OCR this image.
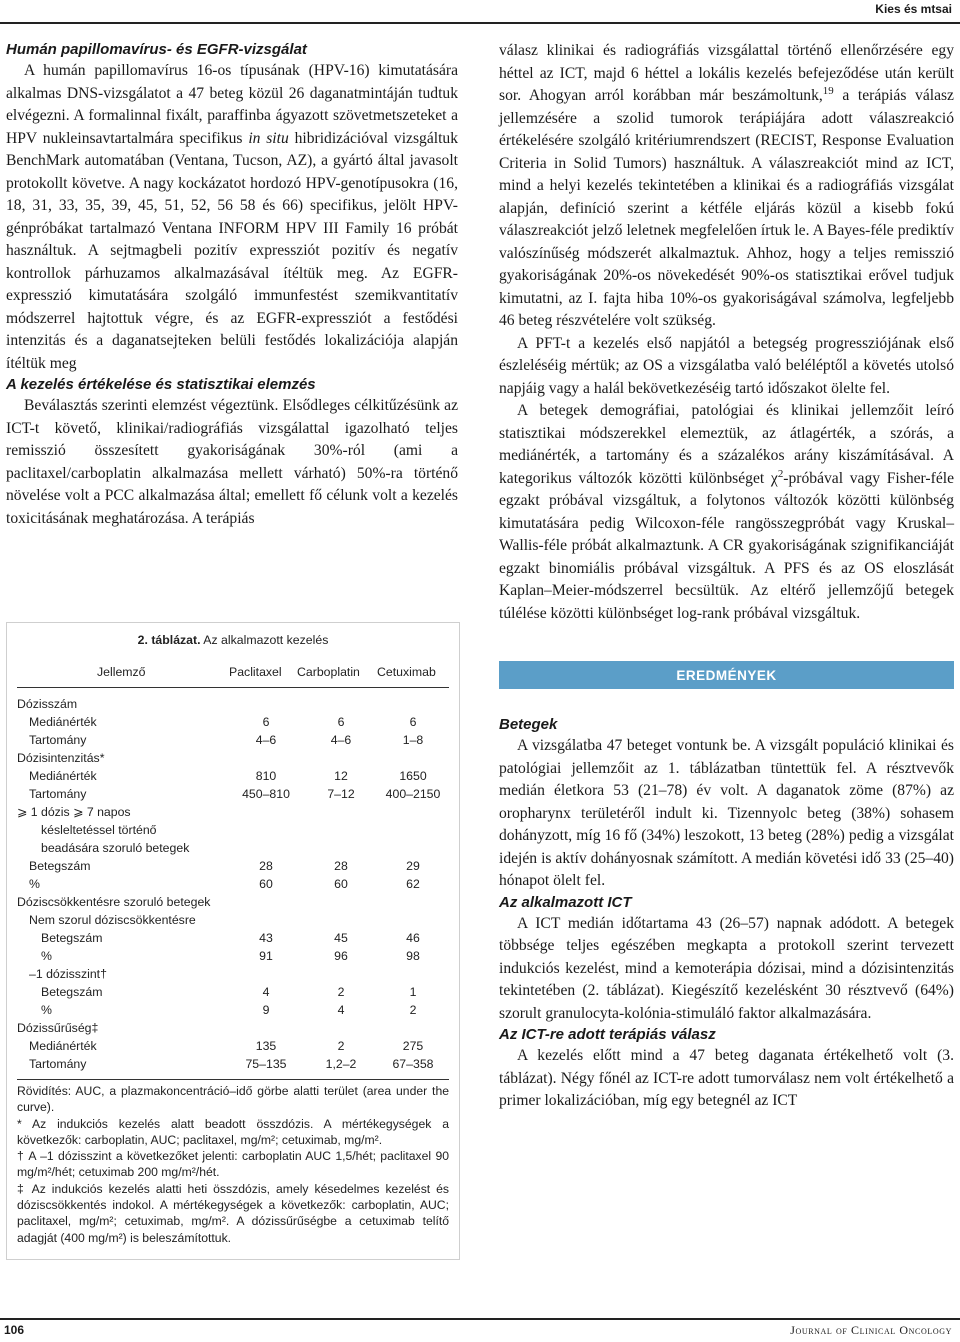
Kies és mtsai
Humán papillomavírus- és EGFR-vizsgálat

A humán papillomavírus 16-os típusának (HPV-16) kimutatására alkalmas DNS-vizsgálatot a 47 beteg közül 26 daganatmintáján tudtuk elvégezni. A formalinnal fixált, paraffinba ágyazott szövetmetszeteket a HPV nukleinsavtartalmára specifikus in situ hibridizációval vizsgáltuk BenchMark automatában (Ventana, Tucson, AZ), a gyártó által javasolt protokollt követve. A nagy kockázatot hordozó HPV-genotípusokra (16, 18, 31, 33, 35, 39, 45, 51, 52, 56 58 és 66) specifikus, jelölt HPV-génpróbákat tartalmazó Ventana INFORM HPV III Family 16 próbát használtuk. A sejtmagbeli pozitív expressziót pozitív és negatív kontrollok párhuzamos alkalmazásával ítéltük meg. Az EGFR-expresszió kimutatására szolgáló immunfestést szemikvantitatív módszerrel hajtottuk végre, és az EGFR-expressziót a festődési intenzitás és a daganatsejteken belüli festődés lokalizációja alapján ítéltük meg

A kezelés értékelése és statisztikai elemzés

Beválasztás szerinti elemzést végeztünk. Elsődleges célkitűzésünk az ICT-t követő, klinikai/radiográfiás vizsgálattal igazolható teljes remisszió összesített gyakoriságának 30%-ról (ami a paclitaxel/carboplatin alkalmazása mellett várható) 50%-ra történő növelése volt a PCC alkalmazása által; emellett fő célunk volt a kezelés toxicitásának meghatározása. A terápiás

2. táblázat. Az alkalmazott kezelés
Jellemző	Paclitaxel Carboplatin Cetuximab
Dózisszám
Mediánérték	6	6	6
Tartomány	4–6	4–6	1–8
Dózisintenzitás*
Mediánérték	810	12	1650
Tartomány	450–810	7–12	400–2150
⩾ 1 dózis ⩾ 7 napos
késleltetéssel történő
beadására szoruló betegek
Betegszám	28	28	29
%	60	60	62
Dóziscsökkentésre szoruló betegek
Nem szorul dóziscsökkentésre
Betegszám	43	45	46
%	91	96	98
–1 dózisszint†
Betegszám	4	2	1
%	9	4	2
Dózissűrűség‡
Mediánérték	135	2	275
Tartomány	75–135	1,2–2	67–358

Rövidítés: AUC, a plazmakoncentráció–idő görbe alatti terület (area under the curve).

* Az indukciós kezelés alatt beadott összdózis. A mértékegységek a következők: carboplatin, AUC; paclitaxel, mg/m²; cetuximab, mg/m².

† A –1 dózisszint a következőket jelenti: carboplatin AUC 1,5/hét; paclitaxel 90 mg/m²/hét; cetuximab 200 mg/m²/hét.

‡ Az indukciós kezelés alatti heti összdózis, amely késedelmes kezelést és dóziscsökkentés indokol. A mértékegységek a következők: carboplatin, AUC; paclitaxel, mg/m²; cetuximab, mg/m². A dózissűrűségbe a cetuximab telítő adagját (400 mg/m²) is beleszámítottuk.

válasz klinikai és radiográfiás vizsgálattal történő ellenőrzésére egy héttel az ICT, majd 6 héttel a lokális kezelés befejeződése után került sor. Ahogyan arról korábban már beszámoltunk,$^{19}$ a terápiás válasz jellemzésére a szolid tumorok terápiájára adott válaszreakció értékelésére szolgáló kritériumrendszert (RECIST, Response Evaluation Criteria in Solid Tumors) használtuk. A válaszreakciót mind az ICT, mind a helyi kezelés tekintetében a klinikai és a radiográfiás vizsgálat alapján, definíció szerint a kétféle eljárás közül a kisebb fokú válaszreakciót jelző leletnek megfelelően írtuk le. A Bayes-féle prediktív valószínűség módszerét alkalmaztuk. Ahhoz, hogy a teljes remisszió gyakoriságának 20%-os növekedését 90%-os statisztikai erővel tudjuk kimutatni, az I. fajta hiba 10%-os gyakoriságával számolva, legfeljebb 46 beteg részvételére volt szükség.

A PFT-t a kezelés első napjától a betegség progressziójának első észleléséig mértük; az OS a vizsgálatba való beléléptől a követés utolsó napjáig vagy a halál bekövetkezéséig tartó időszakot ölelte fel.

A betegek demográfiai, patológiai és klinikai jellemzőit leíró statisztikai módszerekkel elemeztük, az átlagérték, a szórás, a mediánérték, a tartomány és a százalékos arány kiszámításával. A kategorikus változók közötti különbséget $\chi^2$-próbával vagy Fisher-féle egzakt próbával vizsgáltuk, a folytonos változók közötti különbség kimutatására pedig Wilcoxon-féle rangösszegpróbát vagy Kruskal–Wallis-féle próbát alkalmaztunk. A CR gyakoriságának szignifikanciáját egzakt binomiális próbával vizsgáltuk. A PFS és az OS eloszlását Kaplan–Meier-módszerrel becsültük. Az eltérő jellemzőjű betegek túlélése közötti különbséget log-rank próbával vizsgáltuk.

EREDMÉNYEK
Betegek

A vizsgálatba 47 beteget vontunk be. A vizsgált populáció klinikai és patológiai jellemzőit az 1. táblázatban tüntettük fel. A résztvevők medián életkora 53 (21–78) év volt. A daganatok zöme (87%) az oropharynx területéről indult ki. Tizennyolc beteg (38%) sohasem dohányzott, míg 16 fő (34%) leszokott, 13 beteg (28%) pedig a vizsgálat idején is aktív dohányosnak számított. A medián követési idő 33 (25–40) hónapot ölelt fel.

Az alkalmazott ICT

A ICT medián időtartama 43 (26–57) napnak adódott. A betegek többsége teljes egészében megkapta a protokoll szerint tervezett indukciós kezelést, mind a kemoterápia dózisai, mind a dózisintenzitás tekintetében (2. táblázat). Kiegészítő kezelésként 30 résztvevő (64%) szorult granulocyta-kolónia-stimuláló faktor alkalmazására.

Az ICT-re adott terápiás válasz

A kezelés előtt mind a 47 beteg daganata értékelhető volt (3. táblázat). Négy főnél az ICT-re adott tumorválasz nem volt értékelhető a primer lokalizációban, míg egy betegnél az ICT

106	Journal of Clinical Oncology
